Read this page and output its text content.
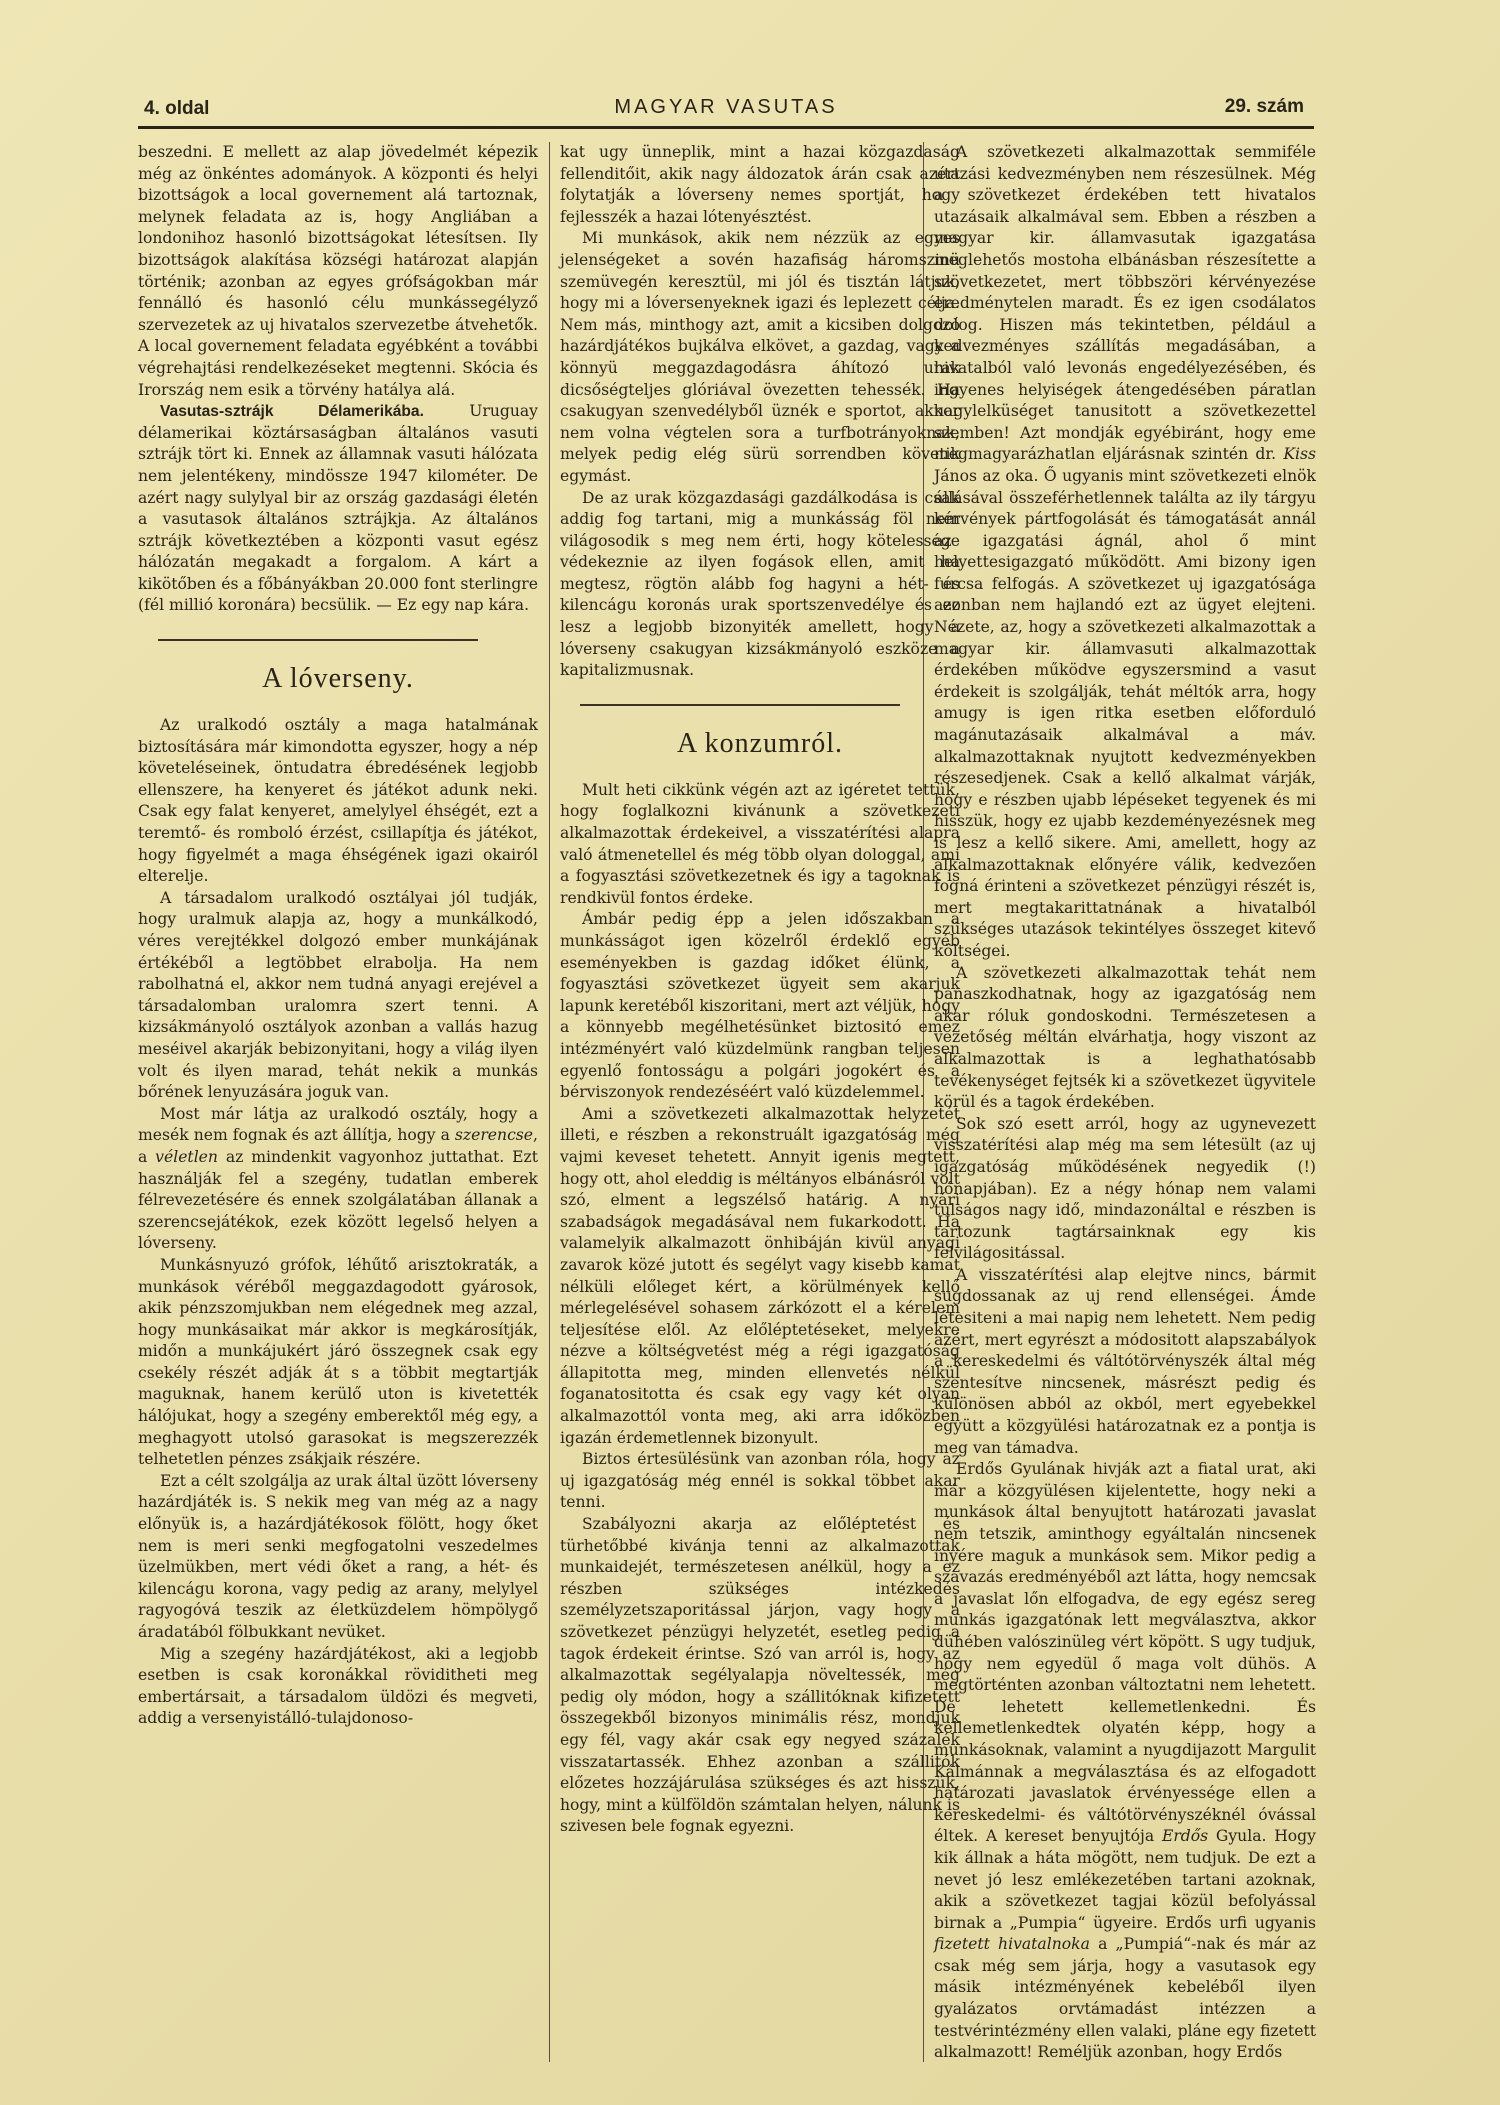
4. oldal	MAGYAR VASUTAS	29. szám

beszedni. E mellett az alap jövedelmét képezik még az önkéntes adományok. A központi és helyi bizottságok a local governement alá tartoznak, melynek feladata az is, hogy Angliában a londonihoz hasonló bizottságokat létesítsen. Ily bizottságok alakítása községi határozat alapján történik; azonban az egyes grófságokban már fennálló és hasonló célu munkássegélyző szervezetek az uj hivatalos szervezetbe átvehetők. A local governement feladata egyébként a további végrehajtási rendelkezéseket megtenni. Skócia és Irország nem esik a törvény hatálya alá.

Vasutas-sztrájk Délamerikába.	Uruguay délamerikai köztársaságban általános vasuti sztrájk tört ki. Ennek az államnak vasuti hálózata nem jelentékeny, mindössze 1947 kilométer. De azért nagy sulylyal bir az ország gazdasági életén a vasutasok általános sztrájkja. Az általános sztrájk következtében a központi vasut egész hálózatán megakadt a forgalom. A kárt a kikötőben és a főbányákban 20.000 font sterlingre (fél millió koronára) becsülik. — Ez egy nap kára.

A lóverseny.

Az uralkodó osztály a maga hatalmának biztosítására már kimondotta egyszer, hogy a nép követeléseinek, öntudatra ébredésének legjobb ellenszere, ha kenyeret és játékot adunk neki. Csak egy falat kenyeret, amelylyel éhségét, ezt a teremtő- és romboló érzést, csillapítja és játékot, hogy figyelmét a maga éhségének igazi okairól elterelje.

A társadalom uralkodó osztályai jól tudják, hogy uralmuk alapja az, hogy a munkálkodó, véres verejtékkel dolgozó ember munkájának értékéből a legtöbbet elrabolja. Ha nem rabolhatná el, akkor nem tudná anyagi erejével a társadalomban uralomra szert tenni. A kizsákmányoló osztályok azonban a vallás hazug meséivel akarják bebizonyitani, hogy a világ ilyen volt és ilyen marad, tehát nekik a munkás bőrének lenyuzására joguk van.

Most már látja az uralkodó osztály, hogy a mesék nem fognak és azt állítja, hogy a szerencse, a véletlen az mindenkit vagyonhoz juttathat. Ezt használják fel a szegény, tudatlan emberek félrevezetésére és ennek szolgálatában állanak a szerencsejátékok, ezek között legelső helyen a lóverseny.

Munkásnyuzó grófok, léhűtő arisztokraták, a munkások véréből meggazdagodott gyárosok, akik pénzszomjukban nem elégednek meg azzal, hogy munkásaikat már akkor is megkárosítják, midőn a munkájukért járó összegnek csak egy csekély részét adják át s a többit megtartják maguknak, hanem kerülő uton is kivetették hálójukat, hogy a szegény emberektől még egy, a meghagyott utolsó garasokat is megszerezzék telhetetlen pénzes zsákjaik részére.

Ezt a célt szolgálja az urak által üzött lóverseny hazárdjáték is. S nekik meg van még az a nagy előnyük is, a hazárdjátékosok fölött, hogy őket nem is meri senki megfogatolni veszedelmes üzelmükben, mert védi őket a rang, a hét- és kilencágu korona, vagy pedig az arany, melylyel ragyogóvá teszik az életküzdelem hömpölygő áradatából fölbukkant nevüket.

Mig a szegény hazárdjátékost, aki a legjobb esetben is csak koronákkal röviditheti meg embertársait, a társadalom üldözi és megveti, addig a versenyistálló-tulajdonoso-

kat ugy ünneplik, mint a hazai közgazdaság fellenditőit, akik nagy áldozatok árán csak azért folytatják a lóverseny nemes sportját, hogy fejlesszék a hazai lótenyésztést.

Mi munkások, akik nem nézzük az egyes jelenségeket a sovén hazafiság háromszinü szemüvegén keresztül, mi jól és tisztán látjuk, hogy mi a lóversenyeknek igazi és leplezett célja. Nem más, minthogy azt, amit a kicsiben dolgozó hazárdjátékos bujkálva elkövet, a gazdag, vagy a könnyü meggazdagodásra áhítozó urak dicsőségteljes glóriával övezetten tehessék. Ha csakugyan szenvedélyből üznék e sportot, akkor nem volna végtelen sora a turfbotrányoknak, melyek pedig elég sürü sorrendben követik egymást.

De az urak közgazdasági gazdálkodása is csak addig fog tartani, mig a munkásság föl nem világosodik s meg nem érti, hogy kötelessége védekeznie az ilyen fogások ellen, amit ha megtesz, rögtön alább fog hagyni a hét- és kilencágu koronás urak sportszenvedélye és ez lesz a legjobb bizonyiték amellett, hogy a lóverseny csakugyan kizsákmányoló eszköze a kapitalizmusnak.

A konzumról.

Mult heti cikkünk végén azt az igéretet tettük, hogy foglalkozni kivánunk a szövetkezeti alkalmazottak érdekeivel, a visszatérítési alapra való átmenetellel és még több olyan dologgal, ami a fogyasztási szövetkezetnek és igy a tagoknak is rendkivül fontos érdeke.

Ámbár pedig épp a jelen időszakban a munkásságot igen közelről érdeklő egyéb eseményekben is gazdag időket élünk, a fogyasztási szövetkezet ügyeit sem akarjuk lapunk keretéből kiszoritani, mert azt véljük, hogy a könnyebb megélhetésünket biztositó emez intézményért való küzdelmünk rangban teljesen egyenlő fontosságu a polgári jogokért és a bérviszonyok rendezéséért való küzdelemmel.

Ami a szövetkezeti alkalmazottak helyzetét illeti, e részben a rekonstruált igazgatóság még vajmi keveset tehetett. Annyit igenis megtett, hogy ott, ahol eleddig is méltányos elbánásról volt szó, elment a legszélső határig. A nyári szabadságok megadásával nem fukarkodott. Ha valamelyik alkalmazott önhibáján kivül anyagi zavarok közé jutott és segélyt vagy kisebb kamat nélküli előleget kért, a körülmények kellő mérlegelésével sohasem zárkózott el a kérelem teljesítése elől. Az előléptetéseket, melyekre nézve a költségvetést még a régi igazgatóság állapitotta meg, minden ellenvetés nélkül foganatositotta és csak egy vagy két olyan alkalmazottól vonta meg, aki arra időközben igazán érdemetlennek bizonyult.

Biztos értesülésünk van azonban róla, hogy az uj igazgatóság még ennél is sokkal többet akar tenni.

Szabályozni akarja az előléptetést és türhetőbbé kivánja tenni az alkalmazottak munkaidejét, természetesen anélkül, hogy a ez részben szükséges intézkedés személyzetszaporitással járjon, vagy hogy a szövetkezet pénzügyi helyzetét, esetleg pedig a tagok érdekeit érintse. Szó van arról is, hogy az alkalmazottak segélyalapja növeltessék, még pedig oly módon, hogy a szállitóknak kifizetett összegekből bizonyos minimális rész, mondjuk egy fél, vagy akár csak egy negyed százalék visszatartassék. Ehhez azonban a szállitók előzetes hozzájárulása szükséges és azt hisszük, hogy, mint a külföldön számtalan helyen, nálunk is szivesen bele fognak egyezni.

A szövetkezeti alkalmazottak semmiféle utazási kedvezményben nem részesülnek. Még a szövetkezet érdekében tett hivatalos utazásaik alkalmával sem. Ebben a részben a magyar kir. államvasutak igazgatása meglehetős mostoha elbánásban részesítette a szövetkezetet, mert többszöri kérvényezése eredménytelen maradt. És ez igen csodálatos dolog. Hiszen más tekintetben, például a kedvezményes szállítás megadásában, a hivatalból való levonás engedélyezésében, és ingyenes helyiségek átengedésében páratlan nagylelküséget tanusitott a szövetkezettel szemben! Azt mondják egyébiránt, hogy eme megmagyarázhatlan eljárásnak szintén dr. Kiss János az oka. Ő ugyanis mint szövetkezeti elnök állásával összeférhetlennek találta az ily tárgyu kérvények pártfogolását és támogatását annál az igazgatási ágnál, ahol ő mint helyettesigazgató működött. Ami bizony igen furcsa felfogás. A szövetkezet uj igazgatósága azonban nem hajlandó ezt az ügyet elejteni. Nézete, az, hogy a szövetkezeti alkalmazottak a magyar kir. államvasuti alkalmazottak érdekében működve egyszersmind a vasut érdekeit is szolgálják, tehát méltók arra, hogy amugy is igen ritka esetben előforduló magánutazásaik alkalmával a máv. alkalmazottaknak nyujtott kedvezményekben részesedjenek. Csak a kellő alkalmat várják, hogy e részben ujabb lépéseket tegyenek és mi hisszük, hogy ez ujabb kezdeményezésnek meg is lesz a kellő sikere. Ami, amellett, hogy az alkalmazottaknak előnyére válik, kedvezően fogná érinteni a szövetkezet pénzügyi részét is, mert megtakarittatnának a hivatalból szükséges utazások tekintélyes összeget kitevő költségei.

A szövetkezeti alkalmazottak tehát nem panaszkodhatnak, hogy az igazgatóság nem akar róluk gondoskodni. Természetesen a vezetőség méltán elvárhatja, hogy viszont az alkalmazottak is a leghathatósabb tevékenységet fejtsék ki a szövetkezet ügyvitele körül és a tagok érdekében.

Sok szó esett arról, hogy az ugynevezett visszatérítési alap még ma sem létesült (az uj igazgatóság működésének negyedik (!) hónapjában). Ez a négy hónap nem valami tulságos nagy idő, mindazonáltal e részben is tartozunk tagtársainknak egy kis felvilágositással.

A visszatérítési alap elejtve nincs, bármit sugdossanak az uj rend ellenségei. Ámde létesiteni a mai napig nem lehetett. Nem pedig azért, mert egyrészt a módositott alapszabályok a kereskedelmi és váltótörvényszék által még szentesítve nincsenek, másrészt pedig és különösen abból az okból, mert egyebekkel együtt a közgyülési határozatnak ez a pontja is meg van támadva.

Erdős Gyulának hivják azt a fiatal urat, aki már a közgyülésen kijelentette, hogy neki a munkások által benyujtott határozati javaslat nem tetszik, aminthogy egyáltalán nincsenek inyére maguk a munkások sem. Mikor pedig a szavazás eredményéből azt látta, hogy nemcsak a javaslat lőn elfogadva, de egy egész sereg munkás igazgatónak lett megválasztva, akkor dühében valószinüleg vért köpött. S ugy tudjuk, hogy nem egyedül ő maga volt dühös. A megtörténten azonban változtatni nem lehetett. De lehetett kellemetlenkedni. És kellemetlenkedtek olyatén képp, hogy a munkásoknak, valamint a nyugdijazott Margulit Kálmánnak a megválasztása és az elfogadott határozati javaslatok érvényessége ellen a kereskedelmi- és váltótörvényszéknél óvással éltek. A kereset benyujtója Erdős Gyula. Hogy kik állnak a háta mögött, nem tudjuk. De ezt a nevet jó lesz emlékezetében tartani azoknak, akik a szövetkezet tagjai közül befolyással birnak a „Pumpia“ ügyeire. Erdős urfi ugyanis fizetett hivatalnoka a „Pumpiá“-nak és már az csak még sem járja, hogy a vasutasok egy másik intézményének kebeléből ilyen gyalázatos orvtámadást intézzen a testvérintézmény ellen valaki, pláne egy fizetett alkalmazott! Reméljük azonban, hogy Erdős
